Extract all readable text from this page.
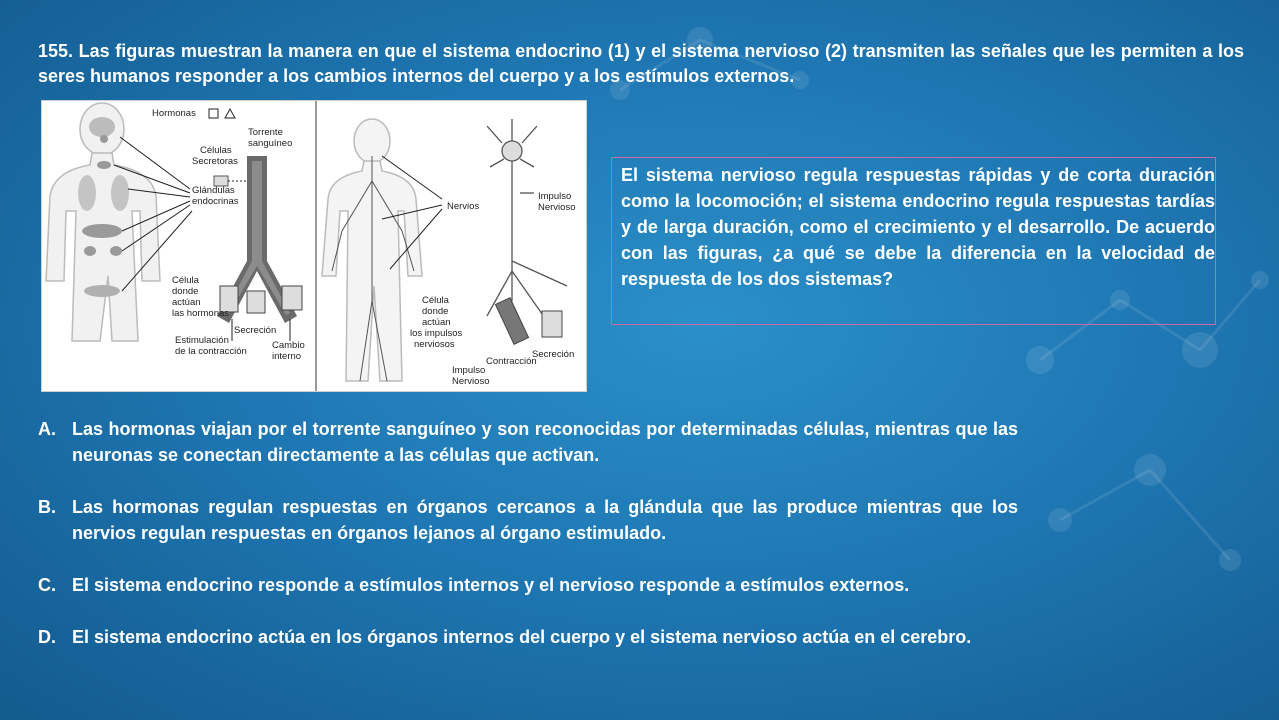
155. Las figuras muestran la manera en que el sistema endocrino (1) y el sistema nervioso (2) transmiten las señales que les permiten a los seres humanos responder a los cambios internos del cuerpo y a los estímulos externos.

Hormonas
Torrente
sanguíneo
Células
Secretoras
Glándulas
endocrinas
Célula
donde
actúan
las hormonas
Secreción
Estimulación
de la contracción
Cambio
interno
Nervios
Impulso
Nervioso
Célula
donde
actúan
los impulsos
nerviosos
Contracción
Secreción
Impulso
Nervioso
El sistema nervioso regula respuestas rápidas y de corta duración como la locomoción; el sistema endocrino regula respuestas tardías y de larga duración, como el crecimiento y el desarrollo. De acuerdo con las figuras, ¿a qué se debe la diferencia en la velocidad de respuesta de los dos sistemas?
A. Las hormonas viajan por el torrente sanguíneo y son reconocidas por determinadas células, mientras que las neuronas se conectan directamente a las células que activan.
B. Las hormonas regulan respuestas en órganos cercanos a la glándula que las produce mientras que los nervios regulan respuestas en órganos lejanos al órgano estimulado.
C. El sistema endocrino responde a estímulos internos y el nervioso responde a estímulos externos.
D. El sistema endocrino actúa en los órganos internos del cuerpo y el sistema nervioso actúa en el cerebro.
